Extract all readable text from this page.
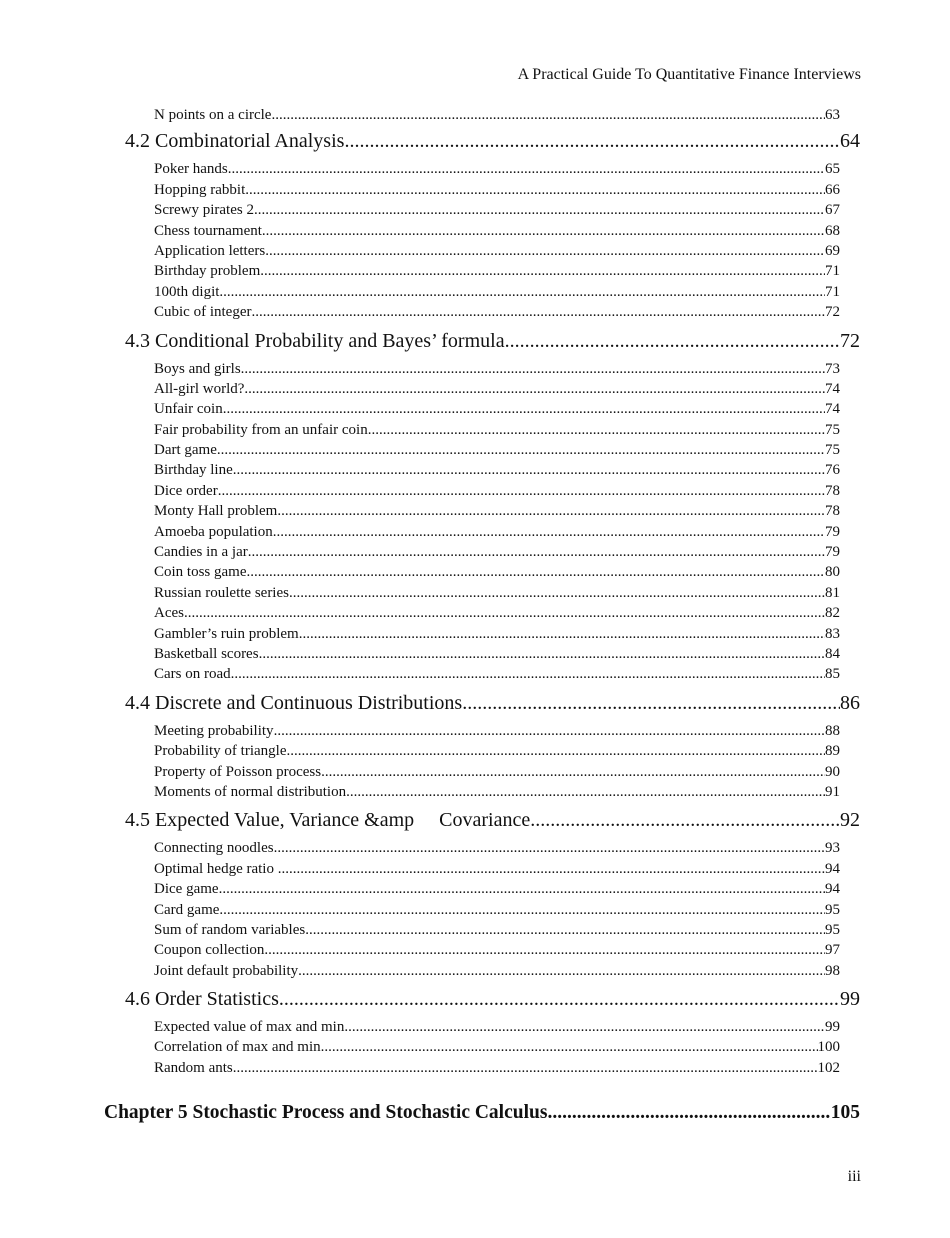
A Practical Guide To Quantitative Finance Interviews
N points on a circle .....	63
4.2 Combinatorial Analysis .....	64
Poker hands .....	65
Hopping rabbit .....	66
Screwy pirates 2 .....	67
Chess tournament .....	68
Application letters .....	69
Birthday problem .....	71
100th digit .....	71
Cubic of integer .....	72
4.3 Conditional Probability and Bayes’ formula .....	72
Boys and girls .....	73
All-girl world? .....	74
Unfair coin .....	74
Fair probability from an unfair coin .....	75
Dart game .....	75
Birthday line .....	76
Dice order .....	78
Monty Hall problem .....	78
Amoeba population .....	79
Candies in a jar .....	79
Coin toss game .....	80
Russian roulette series .....	81
Aces .....	82
Gambler’s ruin problem .....	83
Basketball scores .....	84
Cars on road .....	85
4.4 Discrete and Continuous Distributions .....	86
Meeting probability .....	88
Probability of triangle .....	89
Property of Poisson process .....	90
Moments of normal distribution .....	91
4.5 Expected Value, Variance &amp     Covariance .....	92
Connecting noodles .....	93
Optimal hedge ratio .....	94
Dice game .....	94
Card game .....	95
Sum of random variables .....	95
Coupon collection .....	97
Joint default probability .....	98
4.6 Order Statistics .....	99
Expected value of max and min .....	99
Correlation of max and min .....	100
Random ants .....	102
Chapter 5 Stochastic Process and Stochastic Calculus .....	105
iii
